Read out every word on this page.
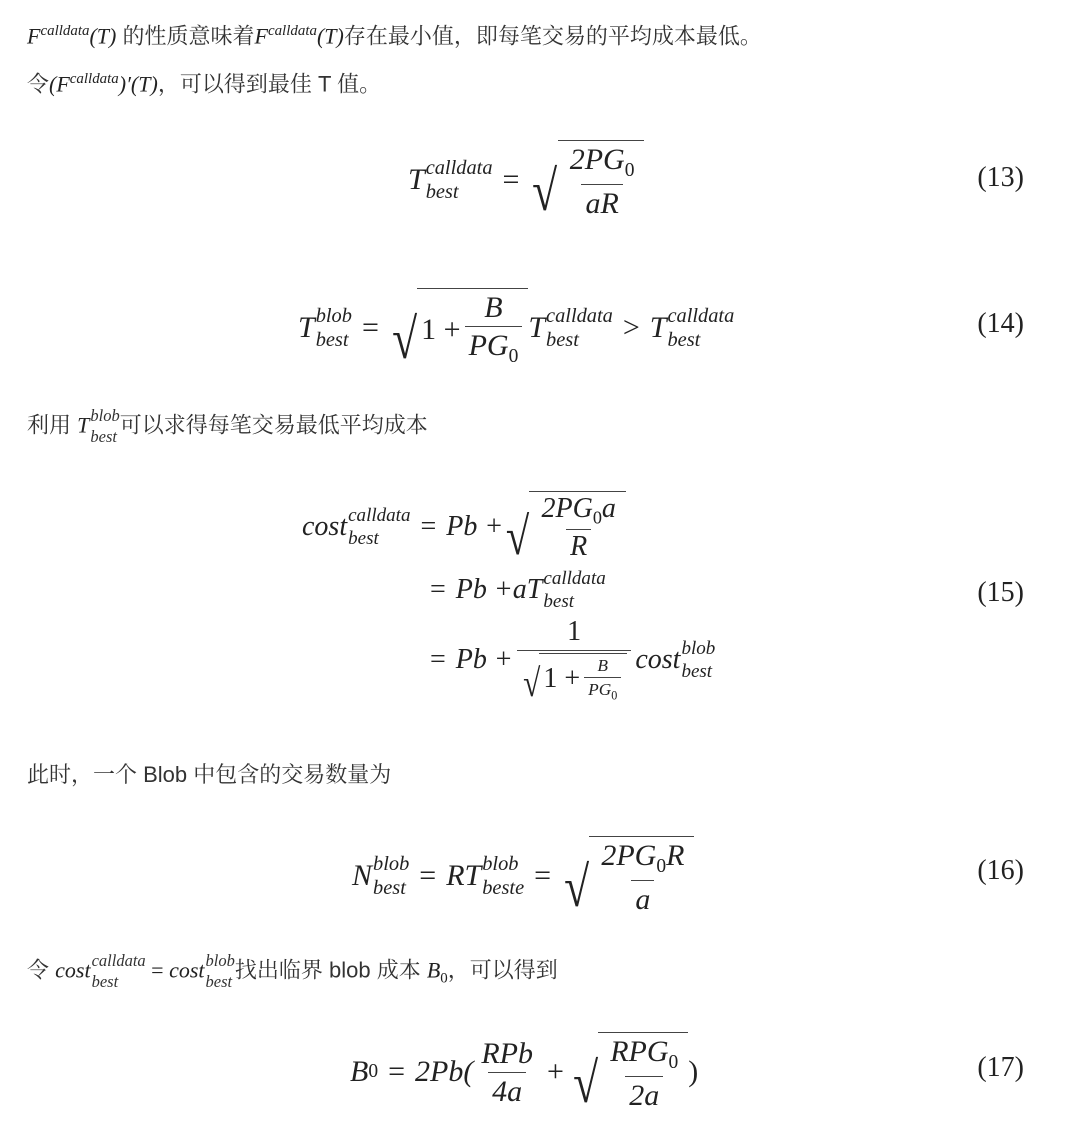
$F^{calldata}(T)$ 的性质意味着$F^{calldata}(T)$存在最小值，即每笔交易的平均成本最低。
令$(F^{calldata})'(T)$，可以得到最佳 T 值。
T calldata
best	= √ $\frac{2PG_0}{aR}$	(13)
T blob
best = √ $1 + \frac{B}{PG_0}$ T calldata
best	> T calldata
best
(14)
利用 T blob
best 可以求得每笔交易最低平均成本
cost calldata
best	= Pb + √ $\frac{2PG_0a}{R}$
= Pb + a T calldata
best
= $Pb + \frac{1}{√ 1 + \frac{B}{PG_0}}$ cost blob
best
(15)
此时，一个 Blob 中包含的交易数量为
N blob
best = RT blob
beste = √ $\frac{2PG_0R}{a}$	(16)
令 cost calldata
best	= cost blob
best 找出临界 blob 成本 $B_0$，可以得到
B $0 = 2Pb( \frac{\text{RPb}}{4a}$ + √ $\frac{RPG_0}{2a}$ )	(17)
